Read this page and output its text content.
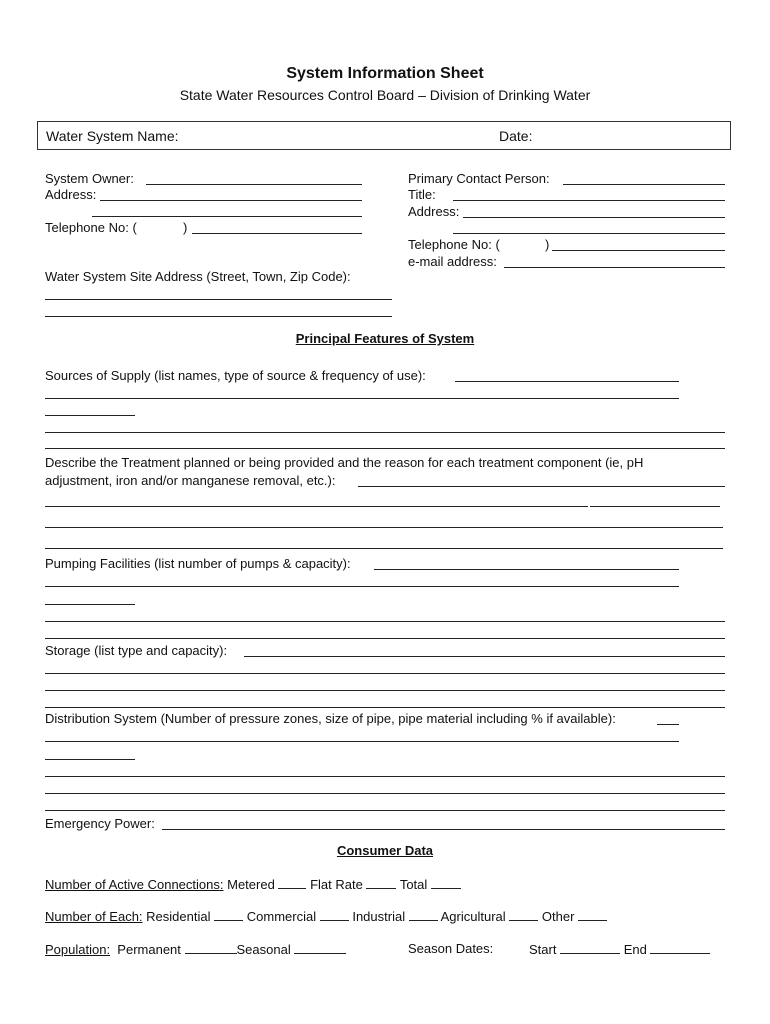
System Information Sheet
State Water Resources Control Board – Division of Drinking Water
Water System Name:	Date:
System Owner:
Address:
Telephone No: (	)
Primary Contact Person:
Title:
Address:
Telephone No: (	)
e-mail address:
Water System Site Address (Street, Town, Zip Code):
Principal Features of System
Sources of Supply (list names, type of source & frequency of use):
Describe the Treatment planned or being provided and the reason for each treatment component (ie, pH
adjustment, iron and/or manganese removal, etc.):
Pumping Facilities (list number of pumps & capacity):
Storage (list type and capacity):
Distribution System (Number of pressure zones, size of pipe, pipe material including % if available):
Emergency Power:
Consumer Data
Number of Active Connections: Metered	Flat Rate	Total
Number of Each: Residential	Commercial	Industrial	Agricultural	Other
Population: Permanent	Seasonal	Season Dates:	Start	End
